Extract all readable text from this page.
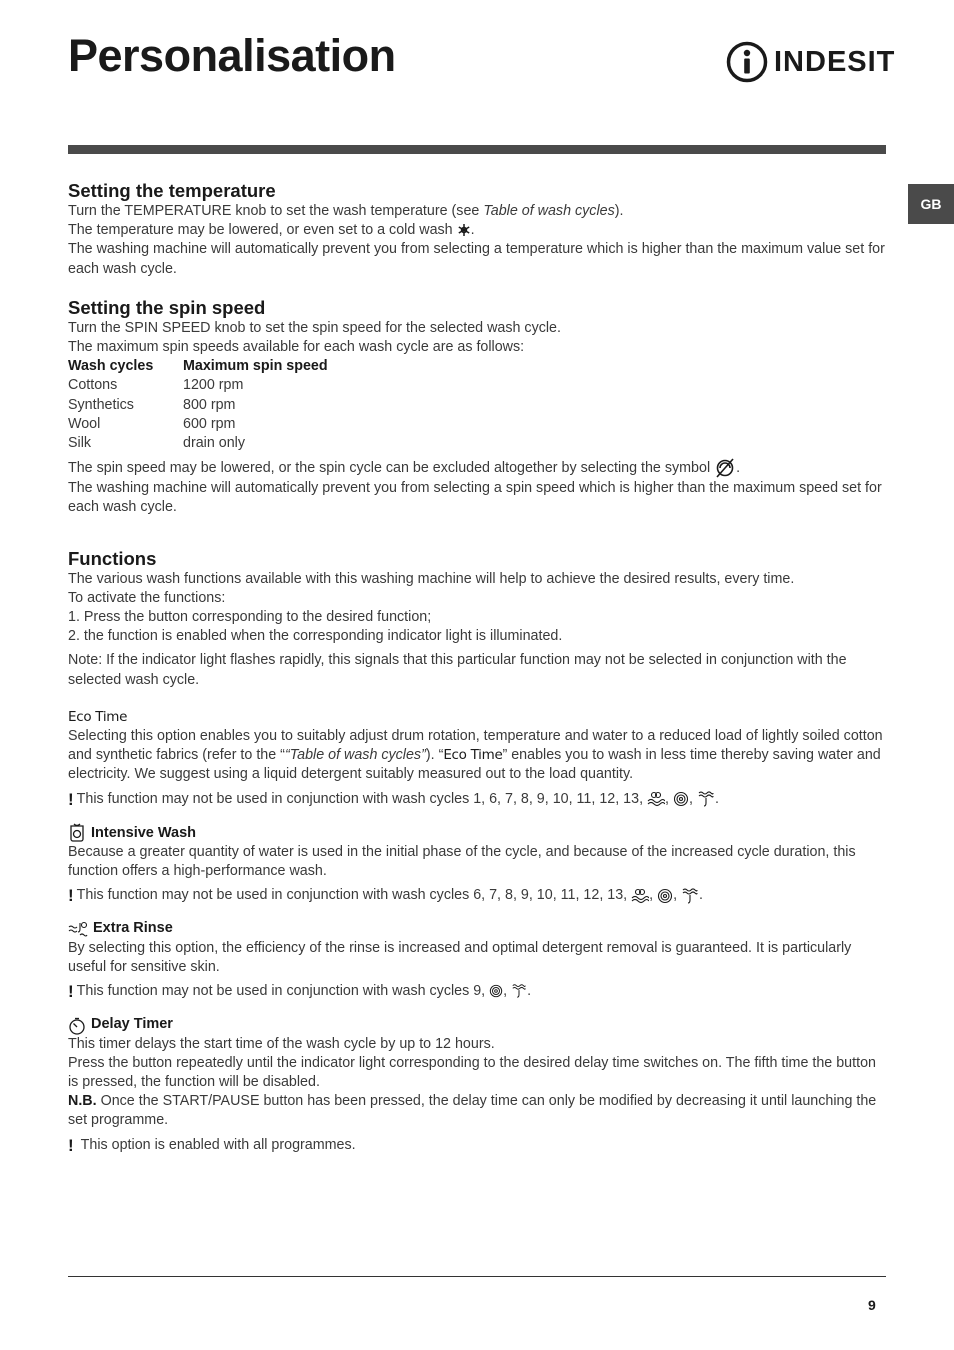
Personalisation	INDESIT
GB
Setting the temperature

Turn the TEMPERATURE knob to set the wash temperature (see Table of wash cycles).

The temperature may be lowered, or even set to a cold wash .

The washing machine will automatically prevent you from selecting a temperature which is higher than the maximum value set for each wash cycle.

Setting the spin speed

Turn the SPIN SPEED knob to set the spin speed for the selected wash cycle.

The maximum spin speeds available for each wash cycle are as follows:

Wash cycles	Maximum spin speed
Cottons	1200 rpm
Synthetics	800 rpm
Wool	600 rpm
Silk	drain only

The spin speed may be lowered, or the spin cycle can be excluded altogether by selecting the symbol .

The washing machine will automatically prevent you from selecting a spin speed which is higher than the maximum speed set for each wash cycle.

Functions

The various wash functions available with this washing machine will help to achieve the desired results, every time.

To activate the functions:

1. Press the button corresponding to the desired function;

2. the function is enabled when the corresponding indicator light is illuminated.

Note: If the indicator light flashes rapidly, this signals that this particular function may not be selected in conjunction with the selected wash cycle.

Eco Time

Selecting this option enables you to suitably adjust drum rotation, temperature and water to a reduced load of lightly soiled cotton and synthetic fabrics (refer to the ““Table of wash cycles”). “Eco Time” enables you to wash in less time thereby saving water and electricity. We suggest using a liquid detergent suitably measured out to the load quantity.

! This function may not be used in conjunction with wash cycles 1, 6, 7, 8, 9, 10, 11, 12, 13, , , .
Intensive Wash

Because a greater quantity of water is used in the initial phase of the cycle, and because of the increased cycle duration, this function offers a high-performance wash.

! This function may not be used in conjunction with wash cycles 6, 7, 8, 9, 10, 11, 12, 13, , , .
Extra Rinse

By selecting this option, the efficiency of the rinse is increased and optimal detergent removal is guaranteed. It is particularly useful for sensitive skin.

! This function may not be used in conjunction with wash cycles 9, , .
Delay Timer

This timer delays the start time of the wash cycle by up to 12 hours.

Press the button repeatedly until the indicator light corresponding to the desired delay time switches on. The fifth time the button is pressed, the function will be disabled.

N.B. Once the START/PAUSE button has been pressed, the delay time can only be modified by decreasing it until launching the set programme.

! This option is enabled with all programmes.
9
